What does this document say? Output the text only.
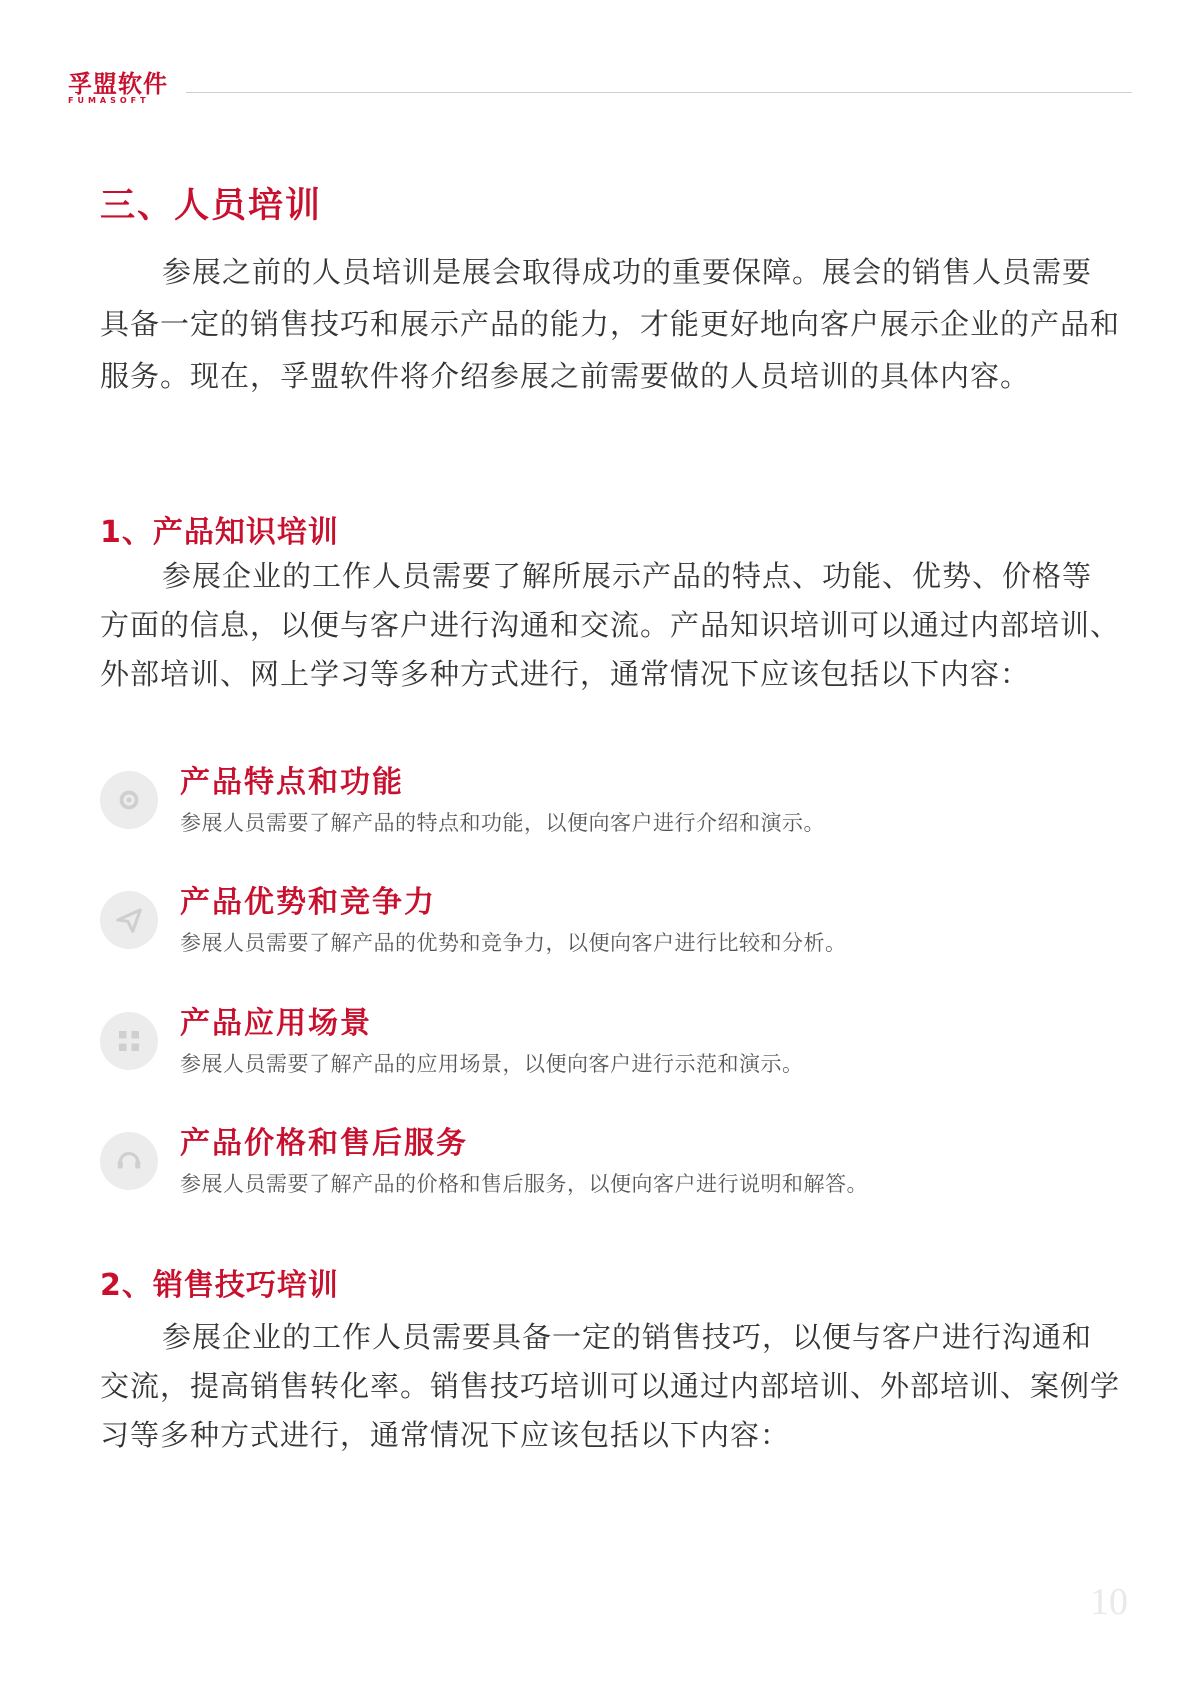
孚盟软件
FUMASOFT
三、人员培训
参展之前的人员培训是展会取得成功的重要保障。展会的销售人员需要具备一定的销售技巧和展示产品的能力，才能更好地向客户展示企业的产品和服务。现在，孚盟软件将介绍参展之前需要做的人员培训的具体内容。
1、产品知识培训
参展企业的工作人员需要了解所展示产品的特点、功能、优势、价格等方面的信息，以便与客户进行沟通和交流。产品知识培训可以通过内部培训、外部培训、网上学习等多种方式进行，通常情况下应该包括以下内容：
产品特点和功能
参展人员需要了解产品的特点和功能，以便向客户进行介绍和演示。
产品优势和竞争力
参展人员需要了解产品的优势和竞争力，以便向客户进行比较和分析。
产品应用场景
参展人员需要了解产品的应用场景，以便向客户进行示范和演示。
产品价格和售后服务
参展人员需要了解产品的价格和售后服务，以便向客户进行说明和解答。
2、销售技巧培训
参展企业的工作人员需要具备一定的销售技巧，以便与客户进行沟通和交流，提高销售转化率。销售技巧培训可以通过内部培训、外部培训、案例学习等多种方式进行，通常情况下应该包括以下内容：
10
